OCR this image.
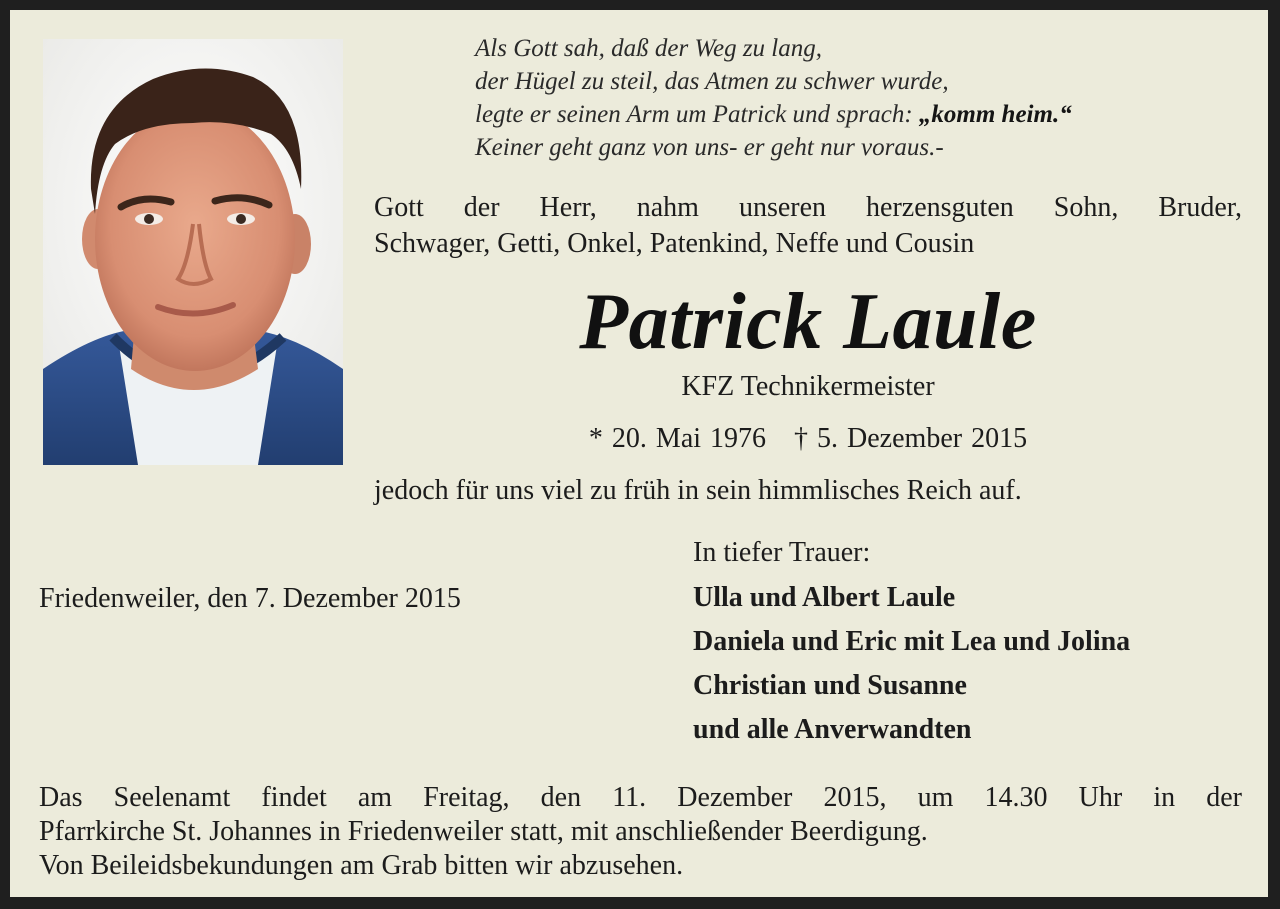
Als Gott sah, daß der Weg zu lang,
der Hügel zu steil, das Atmen zu schwer wurde,
legte er seinen Arm um Patrick und sprach: „komm heim.“
Keiner geht ganz von uns- er geht nur voraus.-
Gott der Herr, nahm unseren herzensguten Sohn, Bruder,
Schwager, Getti, Onkel, Patenkind, Neffe und Cousin
Patrick Laule
KFZ Technikermeister
* 20. Mai 1976 † 5. Dezember 2015
jedoch für uns viel zu früh in sein himmlisches Reich auf.
Friedenweiler, den 7. Dezember 2015
In tiefer Trauer:
Ulla und Albert Laule
Daniela und Eric mit Lea und Jolina
Christian und Susanne
und alle Anverwandten
Das Seelenamt findet am Freitag, den 11. Dezember 2015, um 14.30 Uhr in der
Pfarrkirche St. Johannes in Friedenweiler statt, mit anschließender Beerdigung.
Von Beileidsbekundungen am Grab bitten wir abzusehen.
